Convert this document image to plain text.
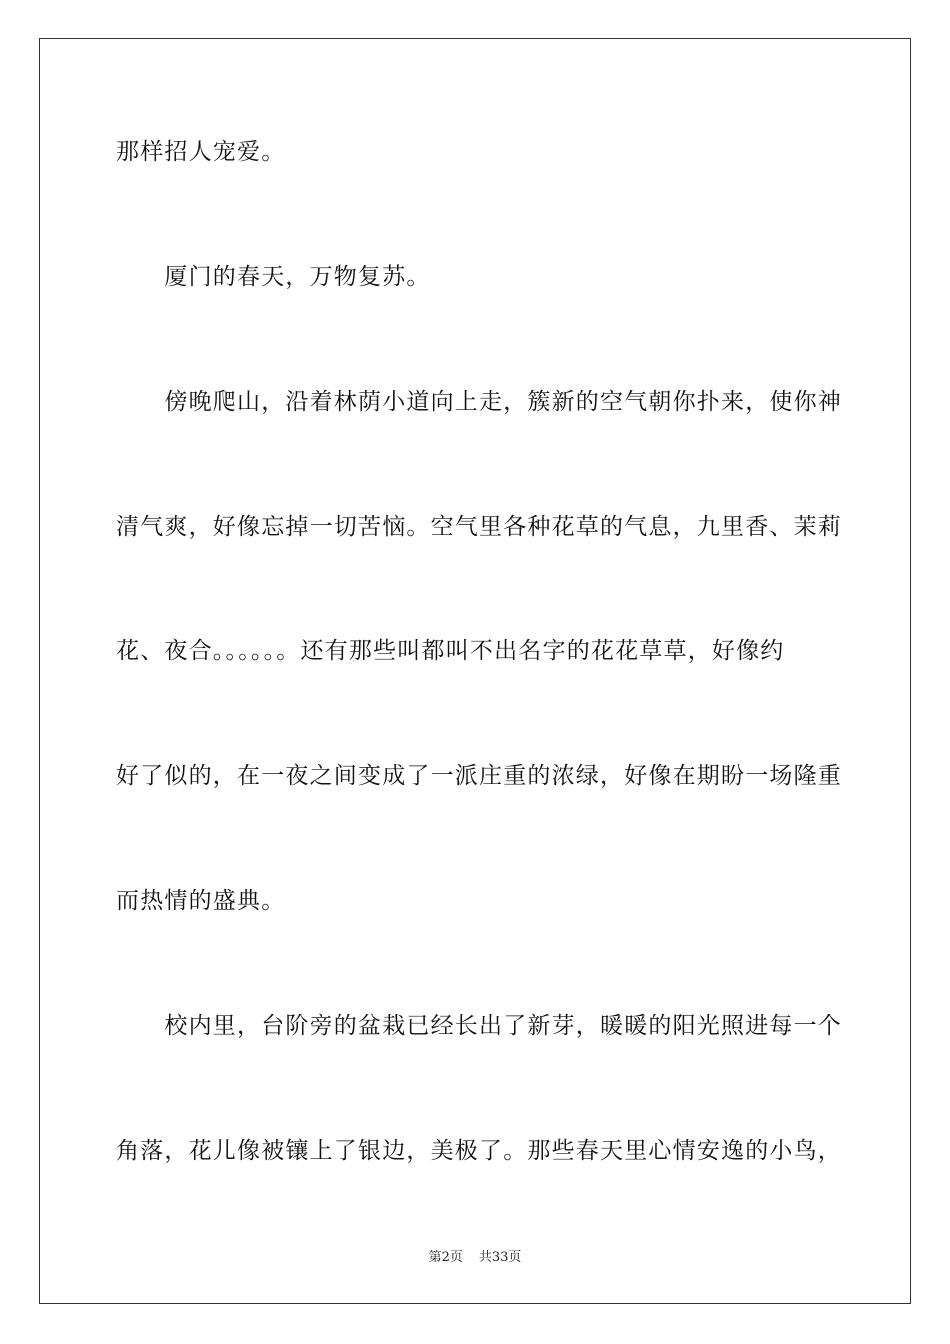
那样招人宠爱。
　　厦门的春天，万物复苏。
　　傍晚爬山，沿着林荫小道向上走，簇新的空气朝你扑来，使你神
清气爽，好像忘掉一切苦恼。空气里各种花草的气息，九里香、茉莉
花、夜合。。。。。。还有那些叫都叫不出名字的花花草草，好像约
好了似的，在一夜之间变成了一派庄重的浓绿，好像在期盼一场隆重
而热情的盛典。
　　校内里，台阶旁的盆栽已经长出了新芽，暖暖的阳光照进每一个
角落，花儿像被镶上了银边，美极了。那些春天里心情安逸的小鸟，
第2页 共33页
